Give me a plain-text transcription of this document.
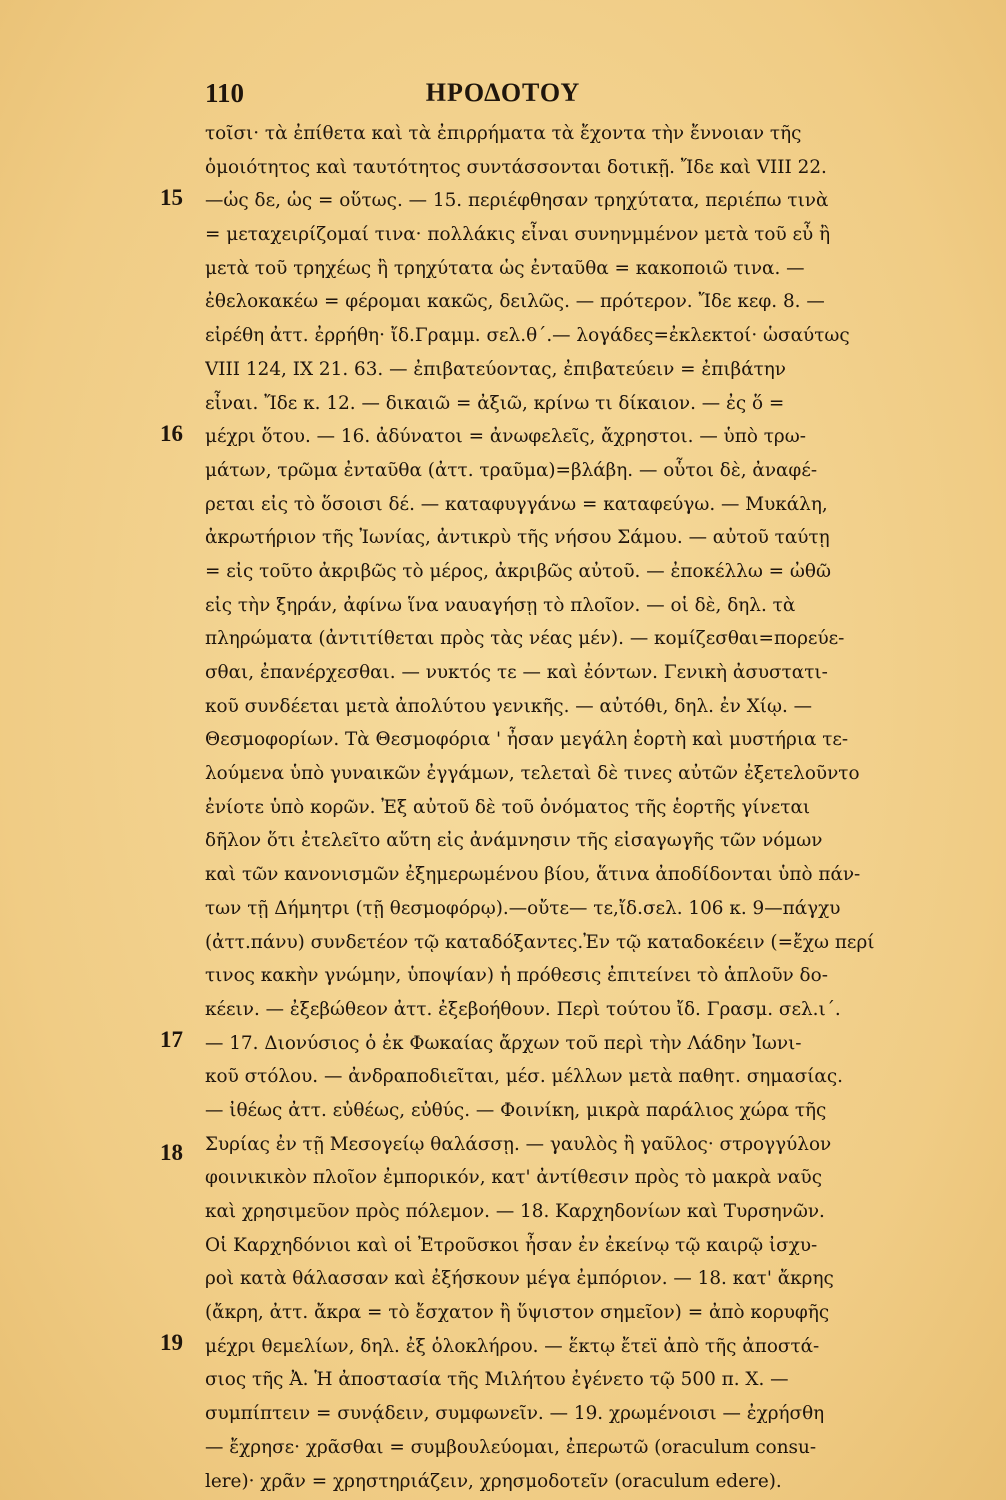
110	ΗΡΟΔΟΤΟΥ
15
16
17
18
19
τοῖσι· τὰ ἐπίθετα καὶ τὰ ἐπιρρήματα τὰ ἔχοντα τὴν ἔννοιαν τῆς
ὁμοιότητος καὶ ταυτότητος συντάσσονται δοτικῇ. Ἴδε καὶ VIII 22.
—ὡς δε, ὡς = οὕτως. — 15. περιέφθησαν τρηχύτατα, περιέπω τινὰ
= μεταχειρίζομαί τινα· πολλάκις εἶναι συνηνμμένον μετὰ τοῦ εὖ ἢ
μετὰ τοῦ τρηχέως ἢ τρηχύτατα ὡς ἐνταῦθα = κακοποιῶ τινα. —
ἐθελοκακέω = φέρομαι κακῶς, δειλῶς. — πρότερον. Ἴδε κεφ. 8. —
εἰρέθη ἀττ. ἐρρήθη· ἴδ.Γραμμ. σελ.θ΄.— λογάδες=ἐκλεκτοί· ὡσαύτως
VIII 124, IX 21. 63. — ἐπιβατεύοντας, ἐπιβατεύειν = ἐπιβάτην
εἶναι. Ἴδε κ. 12. — δικαιῶ = ἀξιῶ, κρίνω τι δίκαιον. — ἐς ὅ =
μέχρι ὅτου. — 16. ἀδύνατοι = ἀνωφελεῖς, ἄχρηστοι. — ὑπὸ τρω-
μάτων, τρῶμα ἐνταῦθα (ἀττ. τραῦμα)=βλάβη. — οὗτοι δὲ, ἀναφέ-
ρεται εἰς τὸ ὅσοισι δέ. — καταφυγγάνω = καταφεύγω. — Μυκάλη,
ἀκρωτήριον τῆς Ἰωνίας, ἀντικρὺ τῆς νήσου Σάμου. — αὐτοῦ ταύτῃ
= εἰς τοῦτο ἀκριβῶς τὸ μέρος, ἀκριβῶς αὐτοῦ. — ἐποκέλλω = ὠθῶ
εἰς τὴν ξηράν, ἀφίνω ἵνα ναυαγήσῃ τὸ πλοῖον. — οἱ δὲ, δηλ. τὰ
πληρώματα (ἀντιτίθεται πρὸς τὰς νέας μέν). — κομίζεσθαι=πορεύε-
σθαι, ἐπανέρχεσθαι. — νυκτός τε — καὶ ἐόντων. Γενικὴ ἀσυστατι-
κοῦ συνδέεται μετὰ ἀπολύτου γενικῆς. — αὐτόθι, δηλ. ἐν Χίῳ. —
Θεσμοφορίων. Τὰ Θεσμοφόρια ' ἦσαν μεγάλη ἑορτὴ καὶ μυστήρια τε-
λούμενα ὑπὸ γυναικῶν ἐγγάμων, τελεταὶ δὲ τινες αὐτῶν ἐξετελοῦντο
ἐνίοτε ὑπὸ κορῶν. Ἐξ αὐτοῦ δὲ τοῦ ὀνόματος τῆς ἑορτῆς γίνεται
δῆλον ὅτι ἐτελεῖτο αὕτη εἰς ἀνάμνησιν τῆς εἰσαγωγῆς τῶν νόμων
καὶ τῶν κανονισμῶν ἐξημερωμένου βίου, ἅτινα ἀποδίδονται ὑπὸ πάν-
των τῇ Δήμητρι (τῇ θεσμοφόρῳ).—οὔτε— τε,ἴδ.σελ. 106 κ. 9—πάγχυ
(ἀττ.πάνυ) συνδετέον τῷ καταδόξαντες.Ἐν τῷ καταδοκέειν (=ἔχω περί
τινος κακὴν γνώμην, ὑποψίαν) ἡ πρόθεσις ἐπιτείνει τὸ ἁπλοῦν δο-
κέειν. — ἐξεβώθεον ἀττ. ἐξεβοήθουν. Περὶ τούτου ἴδ. Γρασμ. σελ.ι΄.
— 17. Διονύσιος ὁ ἐκ Φωκαίας ἄρχων τοῦ περὶ τὴν Λάδην Ἰωνι-
κοῦ στόλου. — ἀνδραποδιεῖται, μέσ. μέλλων μετὰ παθητ. σημασίας.
— ἰθέως ἀττ. εὐθέως, εὐθύς. — Φοινίκη, μικρὰ παράλιος χώρα τῆς
Συρίας ἐν τῇ Μεσογείῳ θαλάσσῃ. — γαυλὸς ἢ γαῦλος· στρογγύλον
φοινικικὸν πλοῖον ἐμπορικόν, κατ' ἀντίθεσιν πρὸς τὸ μακρὰ ναῦς
καὶ χρησιμεῦον πρὸς πόλεμον. — 18. Καρχηδονίων καὶ Τυρσηνῶν.
Οἱ Καρχηδόνιοι καὶ οἱ Ἐτροῦσκοι ἦσαν ἐν ἐκείνῳ τῷ καιρῷ ἰσχυ-
ροὶ κατὰ θάλασσαν καὶ ἐξήσκουν μέγα ἐμπόριον. — 18. κατ' ἄκρης
(ἄκρη, ἀττ. ἄκρα = τὸ ἔσχατον ἢ ὕψιστον σημεῖον) = ἀπὸ κορυφῆς
μέχρι θεμελίων, δηλ. ἐξ ὁλοκλήρου. — ἕκτῳ ἔτεϊ ἀπὸ τῆς ἀποστά-
σιος τῆς Ἀ. Ἡ ἀποστασία τῆς Μιλήτου ἐγένετο τῷ 500 π. Χ. —
συμπίπτειν = συνᾴδειν, συμφωνεῖν. — 19. χρωμένοισι — ἐχρήσθη
— ἔχρησε· χρᾶσθαι = συμβουλεύομαι, ἐπερωτῶ (oraculum consu-
lere)· χρᾶν = χρηστηριάζειν, χρησμοδοτεῖν (oraculum edere).
